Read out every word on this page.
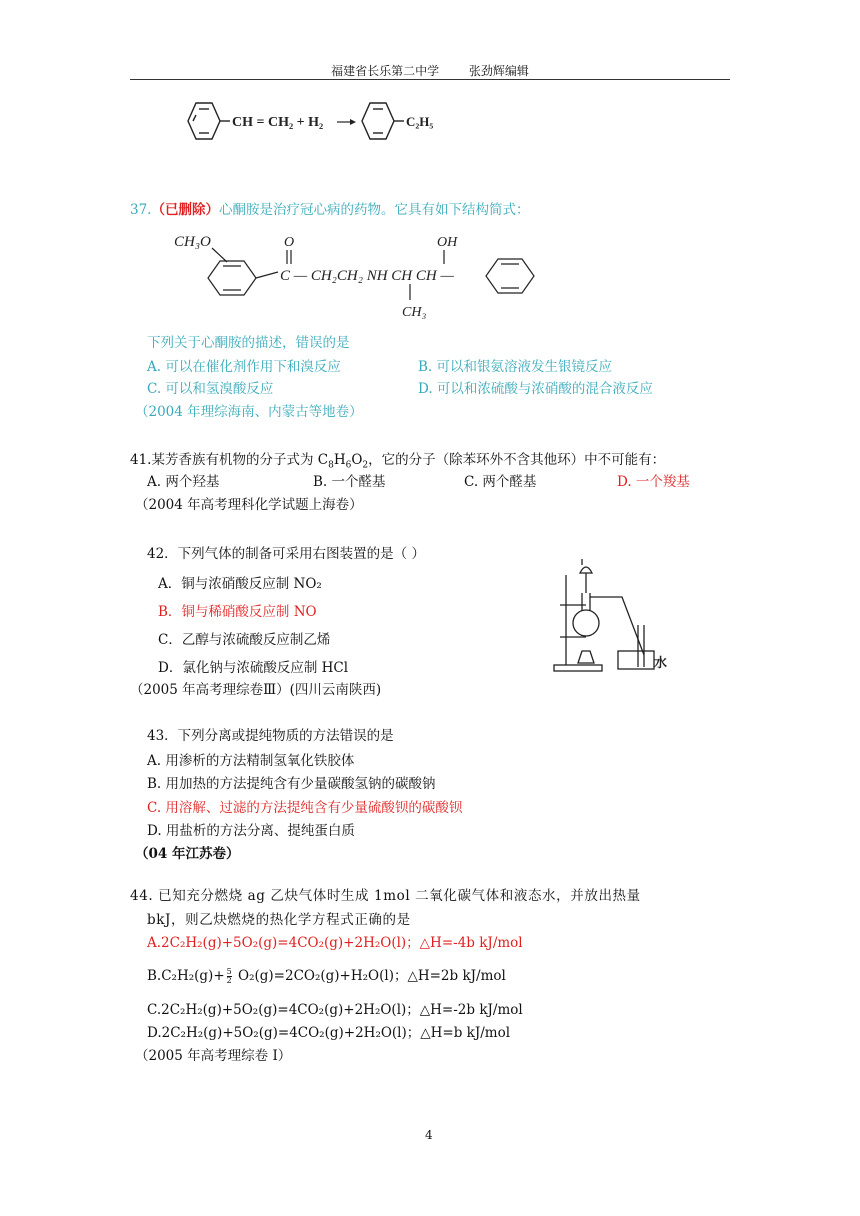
福建省长乐第二中学 张劲辉编辑
CH = CH₂ + H₂	C₂H₅
37.（已删除）心酮胺是治疗冠心病的药物。它具有如下结构简式：
CH₃O	O
C — CH₂CH₂ NH CH CH —
OH
CH₃
下列关于心酮胺的描述，错误的是
A. 可以在催化剂作用下和溴反应	B. 可以和银氨溶液发生银镜反应
C. 可以和氢溴酸反应	D. 可以和浓硫酸与浓硝酸的混合液反应
（2004 年理综海南、内蒙古等地卷）
41.某芳香族有机物的分子式为 $C_8H_6O_2$，它的分子（除苯环外不含其他环）中不可能有：
A. 两个羟基	B. 一个醛基	C. 两个醛基	D. 一个羧基
（2004 年高考理科化学试题上海卷）
42．下列气体的制备可采用右图装置的是（ ）
A．铜与浓硝酸反应制 NO₂
B．铜与稀硝酸反应制 NO
C．乙醇与浓硫酸反应制乙烯
D．氯化钠与浓硫酸反应制 HCl
（2005 年高考理综卷Ⅲ）(四川云南陕西)
水
43．下列分离或提纯物质的方法错误的是
A. 用渗析的方法精制氢氧化铁胶体
B. 用加热的方法提纯含有少量碳酸氢钠的碳酸钠
C. 用溶解、过滤的方法提纯含有少量硫酸钡的碳酸钡
D. 用盐析的方法分离、提纯蛋白质
（04 年江苏卷）
44. 已知充分燃烧 ag 乙炔气体时生成 1mol 二氧化碳气体和液态水，并放出热量
bkJ，则乙炔燃烧的热化学方程式正确的是
A.2C₂H₂(g)+5O₂(g)=4CO₂(g)+2H₂O(l)；△H=-4b kJ/mol
$B.C_2H_2(g)+ \frac{5}{2} O_2(g)=2CO_2(g)+H_2O(l)$；△H=2b kJ/mol
C.2C₂H₂(g)+5O₂(g)=4CO₂(g)+2H₂O(l)；△H=-2b kJ/mol
D.2C₂H₂(g)+5O₂(g)=4CO₂(g)+2H₂O(l)；△H=b kJ/mol
（2005 年高考理综卷 I）
4
